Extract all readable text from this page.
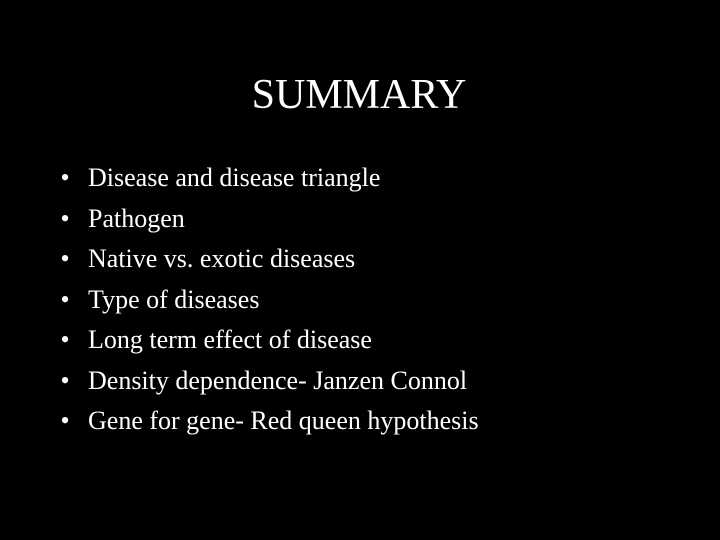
SUMMARY
• Disease and disease triangle
• Pathogen
• Native vs. exotic diseases
• Type of diseases
• Long term effect of disease
• Density dependence- Janzen Connol
• Gene for gene- Red queen hypothesis
